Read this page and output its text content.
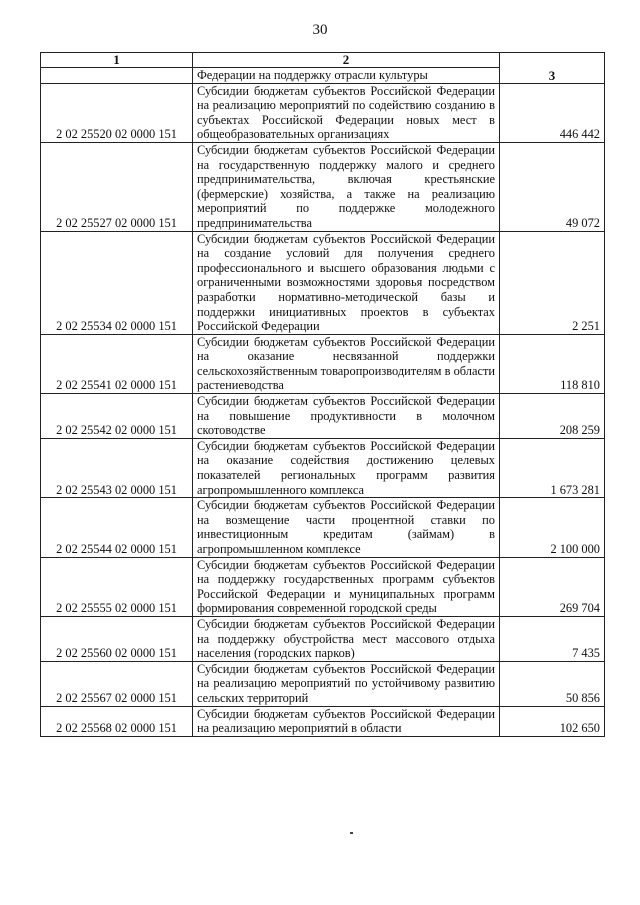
30
1	2	3
	Федерации на поддержку отрасли культуры	
2 02 25520 02 0000 151	Субсидии бюджетам субъектов Российской Федерации на реализацию мероприятий по содействию созданию в субъектах Российской Федерации новых мест в общеобразовательных организациях	446 442
2 02 25527 02 0000 151	Субсидии бюджетам субъектов Российской Федерации на государственную поддержку малого и среднего предпринимательства, включая крестьянские (фермерские) хозяйства, а также на реализацию мероприятий по поддержке молодежного предпринимательства	49 072
2 02 25534 02 0000 151	Субсидии бюджетам субъектов Российской Федерации на создание условий для получения среднего профессионального и высшего образования людьми с ограниченными возможностями здоровья посредством разработки нормативно-методической базы и поддержки инициативных проектов в субъектах Российской Федерации	2 251
2 02 25541 02 0000 151	Субсидии бюджетам субъектов Российской Федерации на оказание несвязанной поддержки сельскохозяйственным товаропроизводителям в области растениеводства	118 810
2 02 25542 02 0000 151	Субсидии бюджетам субъектов Российской Федерации на повышение продуктивности в молочном скотоводстве	208 259
2 02 25543 02 0000 151	Субсидии бюджетам субъектов Российской Федерации на оказание содействия достижению целевых показателей региональных программ развития агропромышленного комплекса	1 673 281
2 02 25544 02 0000 151	Субсидии бюджетам субъектов Российской Федерации на возмещение части процентной ставки по инвестиционным кредитам (займам) в агропромышленном комплексе	2 100 000
2 02 25555 02 0000 151	Субсидии бюджетам субъектов Российской Федерации на поддержку государственных программ субъектов Российской Федерации и муниципальных программ формирования современной городской среды	269 704
2 02 25560 02 0000 151	Субсидии бюджетам субъектов Российской Федерации на поддержку обустройства мест массового отдыха населения (городских парков)	7 435
2 02 25567 02 0000 151	Субсидии бюджетам субъектов Российской Федерации на реализацию мероприятий по устойчивому развитию сельских территорий	50 856
2 02 25568 02 0000 151	Субсидии бюджетам субъектов Российской Федерации на реализацию мероприятий в области	102 650
